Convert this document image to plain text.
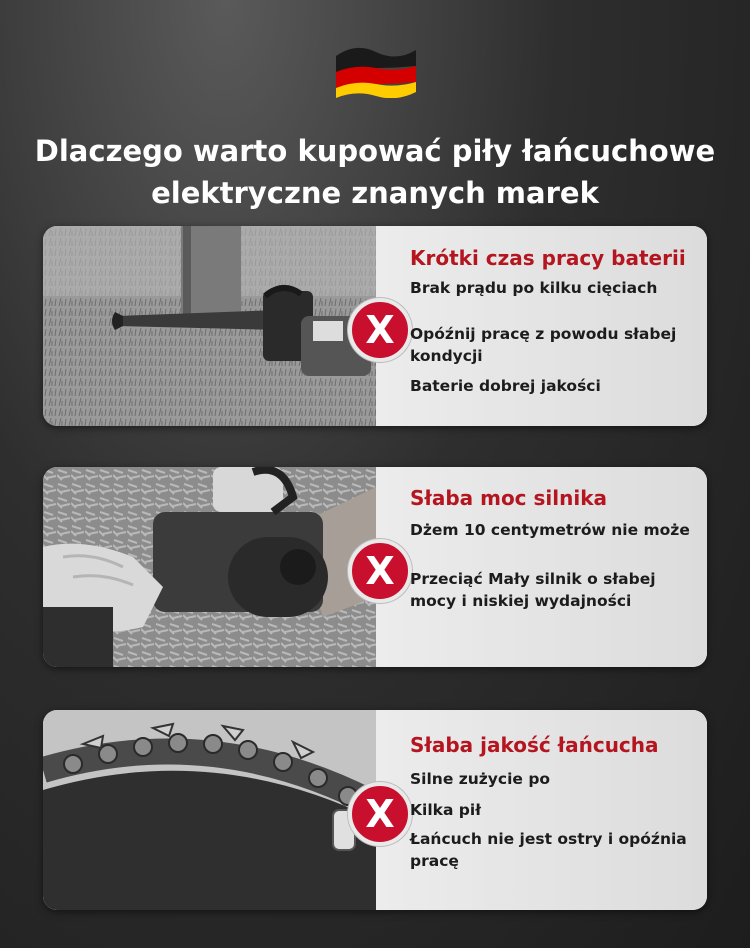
Dlaczego warto kupować piły łańcuchowe
elektryczne znanych marek
X
Krótki czas pracy baterii
Brak prądu po kilku cięciach
Opóźnij pracę z powodu słabej kondycji
Baterie dobrej jakości
X
Słaba moc silnika
Dżem 10 centymetrów nie może
Przeciąć Mały silnik o słabej mocy i niskiej wydajności
X
Słaba jakość łańcucha
Silne zużycie po
Kilka pił
Łańcuch nie jest ostry i opóźnia pracę
